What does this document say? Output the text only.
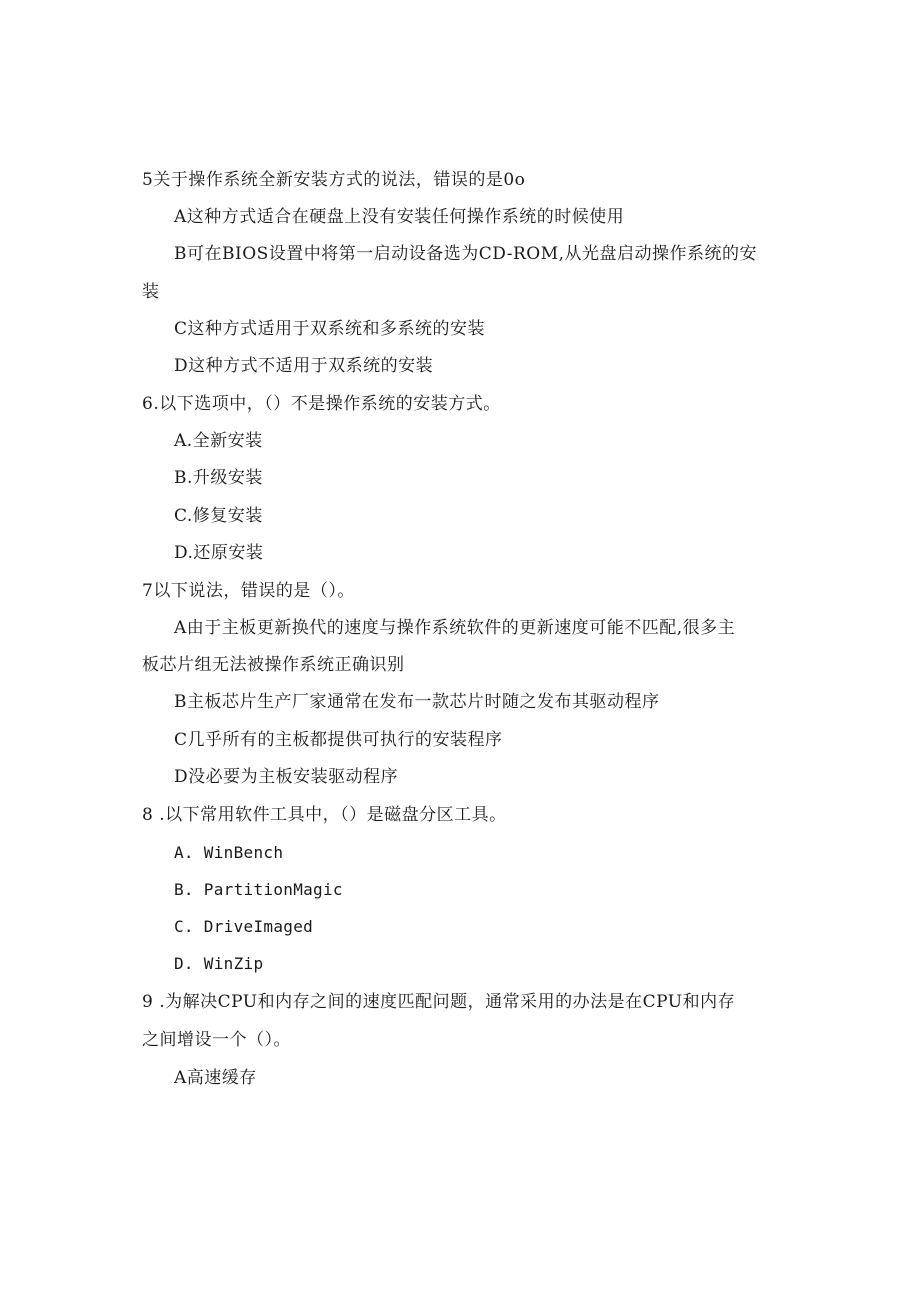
5关于操作系统全新安装方式的说法，错误的是0o
A这种方式适合在硬盘上没有安装任何操作系统的时候使用
B可在BIOS设置中将第一启动设备选为CD-ROM,从光盘启动操作系统的安
装
C这种方式适用于双系统和多系统的安装
D这种方式不适用于双系统的安装
6.以下选项中，（）不是操作系统的安装方式。
A.全新安装
B.升级安装
C.修复安装
D.还原安装
7以下说法，错误的是（）。
A由于主板更新换代的速度与操作系统软件的更新速度可能不匹配,很多主
板芯片组无法被操作系统正确识别
B主板芯片生产厂家通常在发布一款芯片时随之发布其驱动程序
C几乎所有的主板都提供可执行的安装程序
D没必要为主板安装驱动程序
8 .以下常用软件工具中，（）是磁盘分区工具。
A. WinBench
B. PartitionMagic
C. DriveImaged
D. WinZip
9 .为解决CPU和内存之间的速度匹配问题，通常采用的办法是在CPU和内存
之间增设一个（）。
A高速缓存
